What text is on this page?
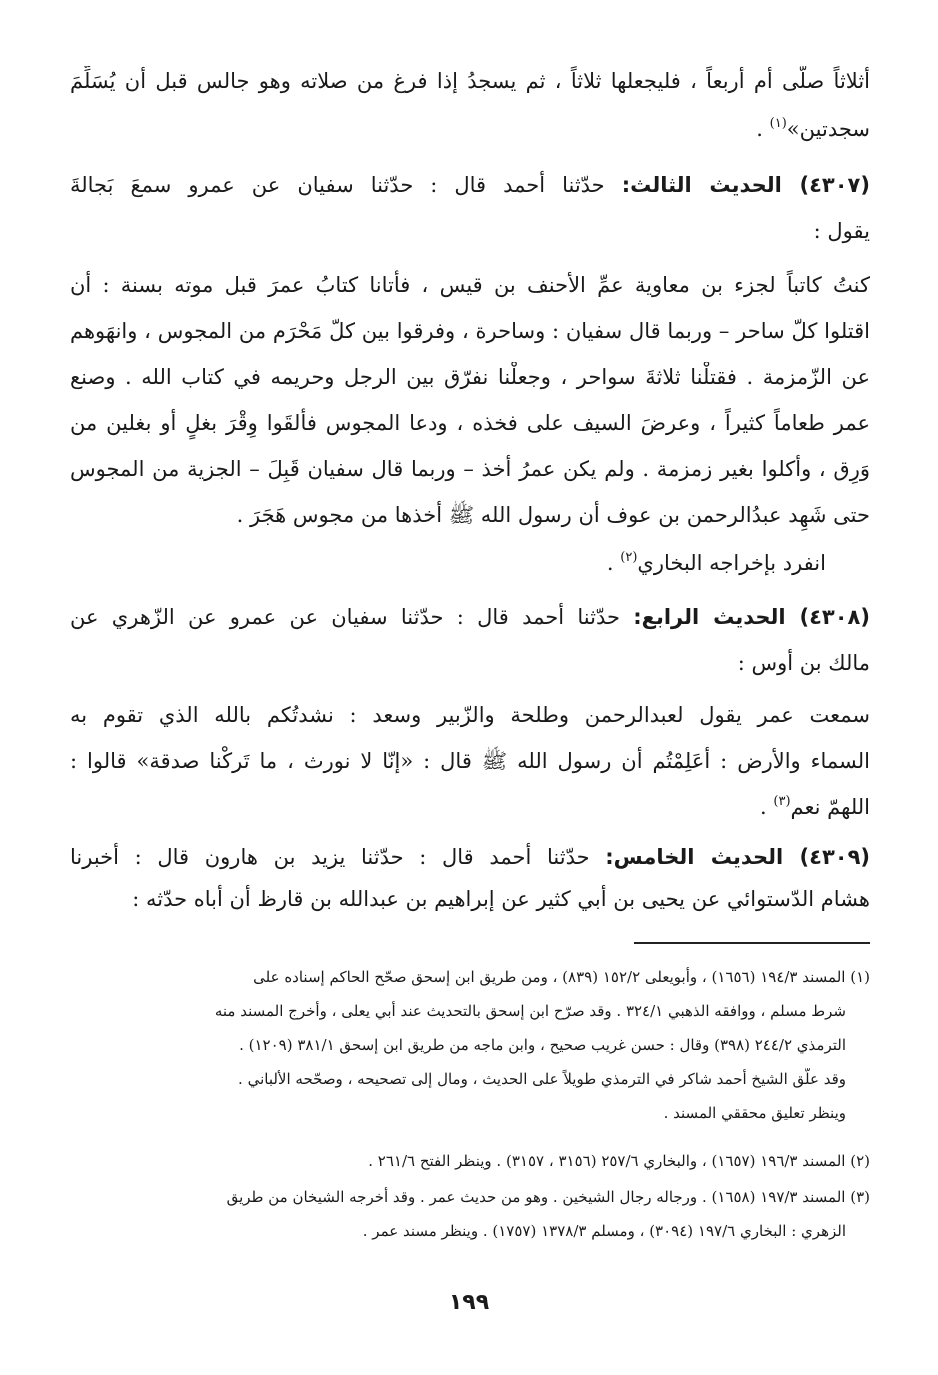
أثلاثاً صلّى أم أربعاً ، فليجعلها ثلاثاً ، ثم يسجدُ إذا فرغ من صلاته وهو جالس قبل أن يُسَلِّمَ
سجدتين»$^{(١)}$ .
(٤٣٠٧) الحديث الثالث: حدّثنا أحمد قال : حدّثنا سفيان عن عمرو سمعَ بَجالةَ
يقول :
كنتُ كاتباً لجزء بن معاوية عمِّ الأحنف بن قيس ، فأتانا كتابُ عمرَ قبل موته بسنة : أن
اقتلوا كلّ ساحر – وربما قال سفيان : وساحرة ، وفرقوا بين كلّ مَحْرَم من المجوس ، وانهَوهم
عن الزّمزمة . فقتلْنا ثلاثةَ سواحر ، وجعلْنا نفرّق بين الرجل وحريمه في كتاب الله . وصنع
عمر طعاماً كثيراً ، وعرضَ السيف على فخذه ، ودعا المجوس فألقَوا وِقْرَ بغلٍ أو بغلين من
وَرِق ، وأكلوا بغير زمزمة . ولم يكن عمرُ أخذ – وربما قال سفيان قَبِلَ – الجزية من المجوس
حتى شَهِد عبدُالرحمن بن عوف أن رسول الله ﷺ أخذها من مجوس هَجَرَ .
انفرد بإخراجه البخاري$^{(٢)}$ .
(٤٣٠٨) الحديث الرابع: حدّثنا أحمد قال : حدّثنا سفيان عن عمرو عن الزّهري عن
مالك بن أوس :
سمعت عمر يقول لعبدالرحمن وطلحة والزّبير وسعد : نشدتُكم بالله الذي تقوم به
السماء والأرض : أعَلِمْتُم أن رسول الله ﷺ قال : «إنّا لا نورث ، ما تَركْنا صدقة» قالوا :
اللهمّ نعم$^{(٣)}$ .
(٤٣٠٩) الحديث الخامس: حدّثنا أحمد قال : حدّثنا يزيد بن هارون قال : أخبرنا
هشام الدّستوائي عن يحيى بن أبي كثير عن إبراهيم بن عبدالله بن قارظ أن أباه حدّثه :
(١) المسند ١٩٤/٣ (١٦٥٦) ، وأبويعلى ١٥٢/٢ (٨٣٩) ، ومن طريق ابن إسحق صحّح الحاكم إسناده على
شرط مسلم ، ووافقه الذهبي ٣٢٤/١ . وقد صرّح ابن إسحق بالتحديث عند أبي يعلى ، وأخرج المسند منه
الترمذي ٢٤٤/٢ (٣٩٨) وقال : حسن غريب صحيح ، وابن ماجه من طريق ابن إسحق ٣٨١/١ (١٢٠٩) .
وقد علّق الشيخ أحمد شاكر في الترمذي طويلاً على الحديث ، ومال إلى تصحيحه ، وصحّحه الألباني .
وينظر تعليق محققي المسند .
(٢) المسند ١٩٦/٣ (١٦٥٧) ، والبخاري ٢٥٧/٦ (٣١٥٦ ، ٣١٥٧) . وينظر الفتح ٢٦١/٦ .
(٣) المسند ١٩٧/٣ (١٦٥٨) . ورجاله رجال الشيخين . وهو من حديث عمر . وقد أخرجه الشيخان من طريق
الزهري : البخاري ١٩٧/٦ (٣٠٩٤) ، ومسلم ١٣٧٨/٣ (١٧٥٧) . وينظر مسند عمر .
١٩٩
